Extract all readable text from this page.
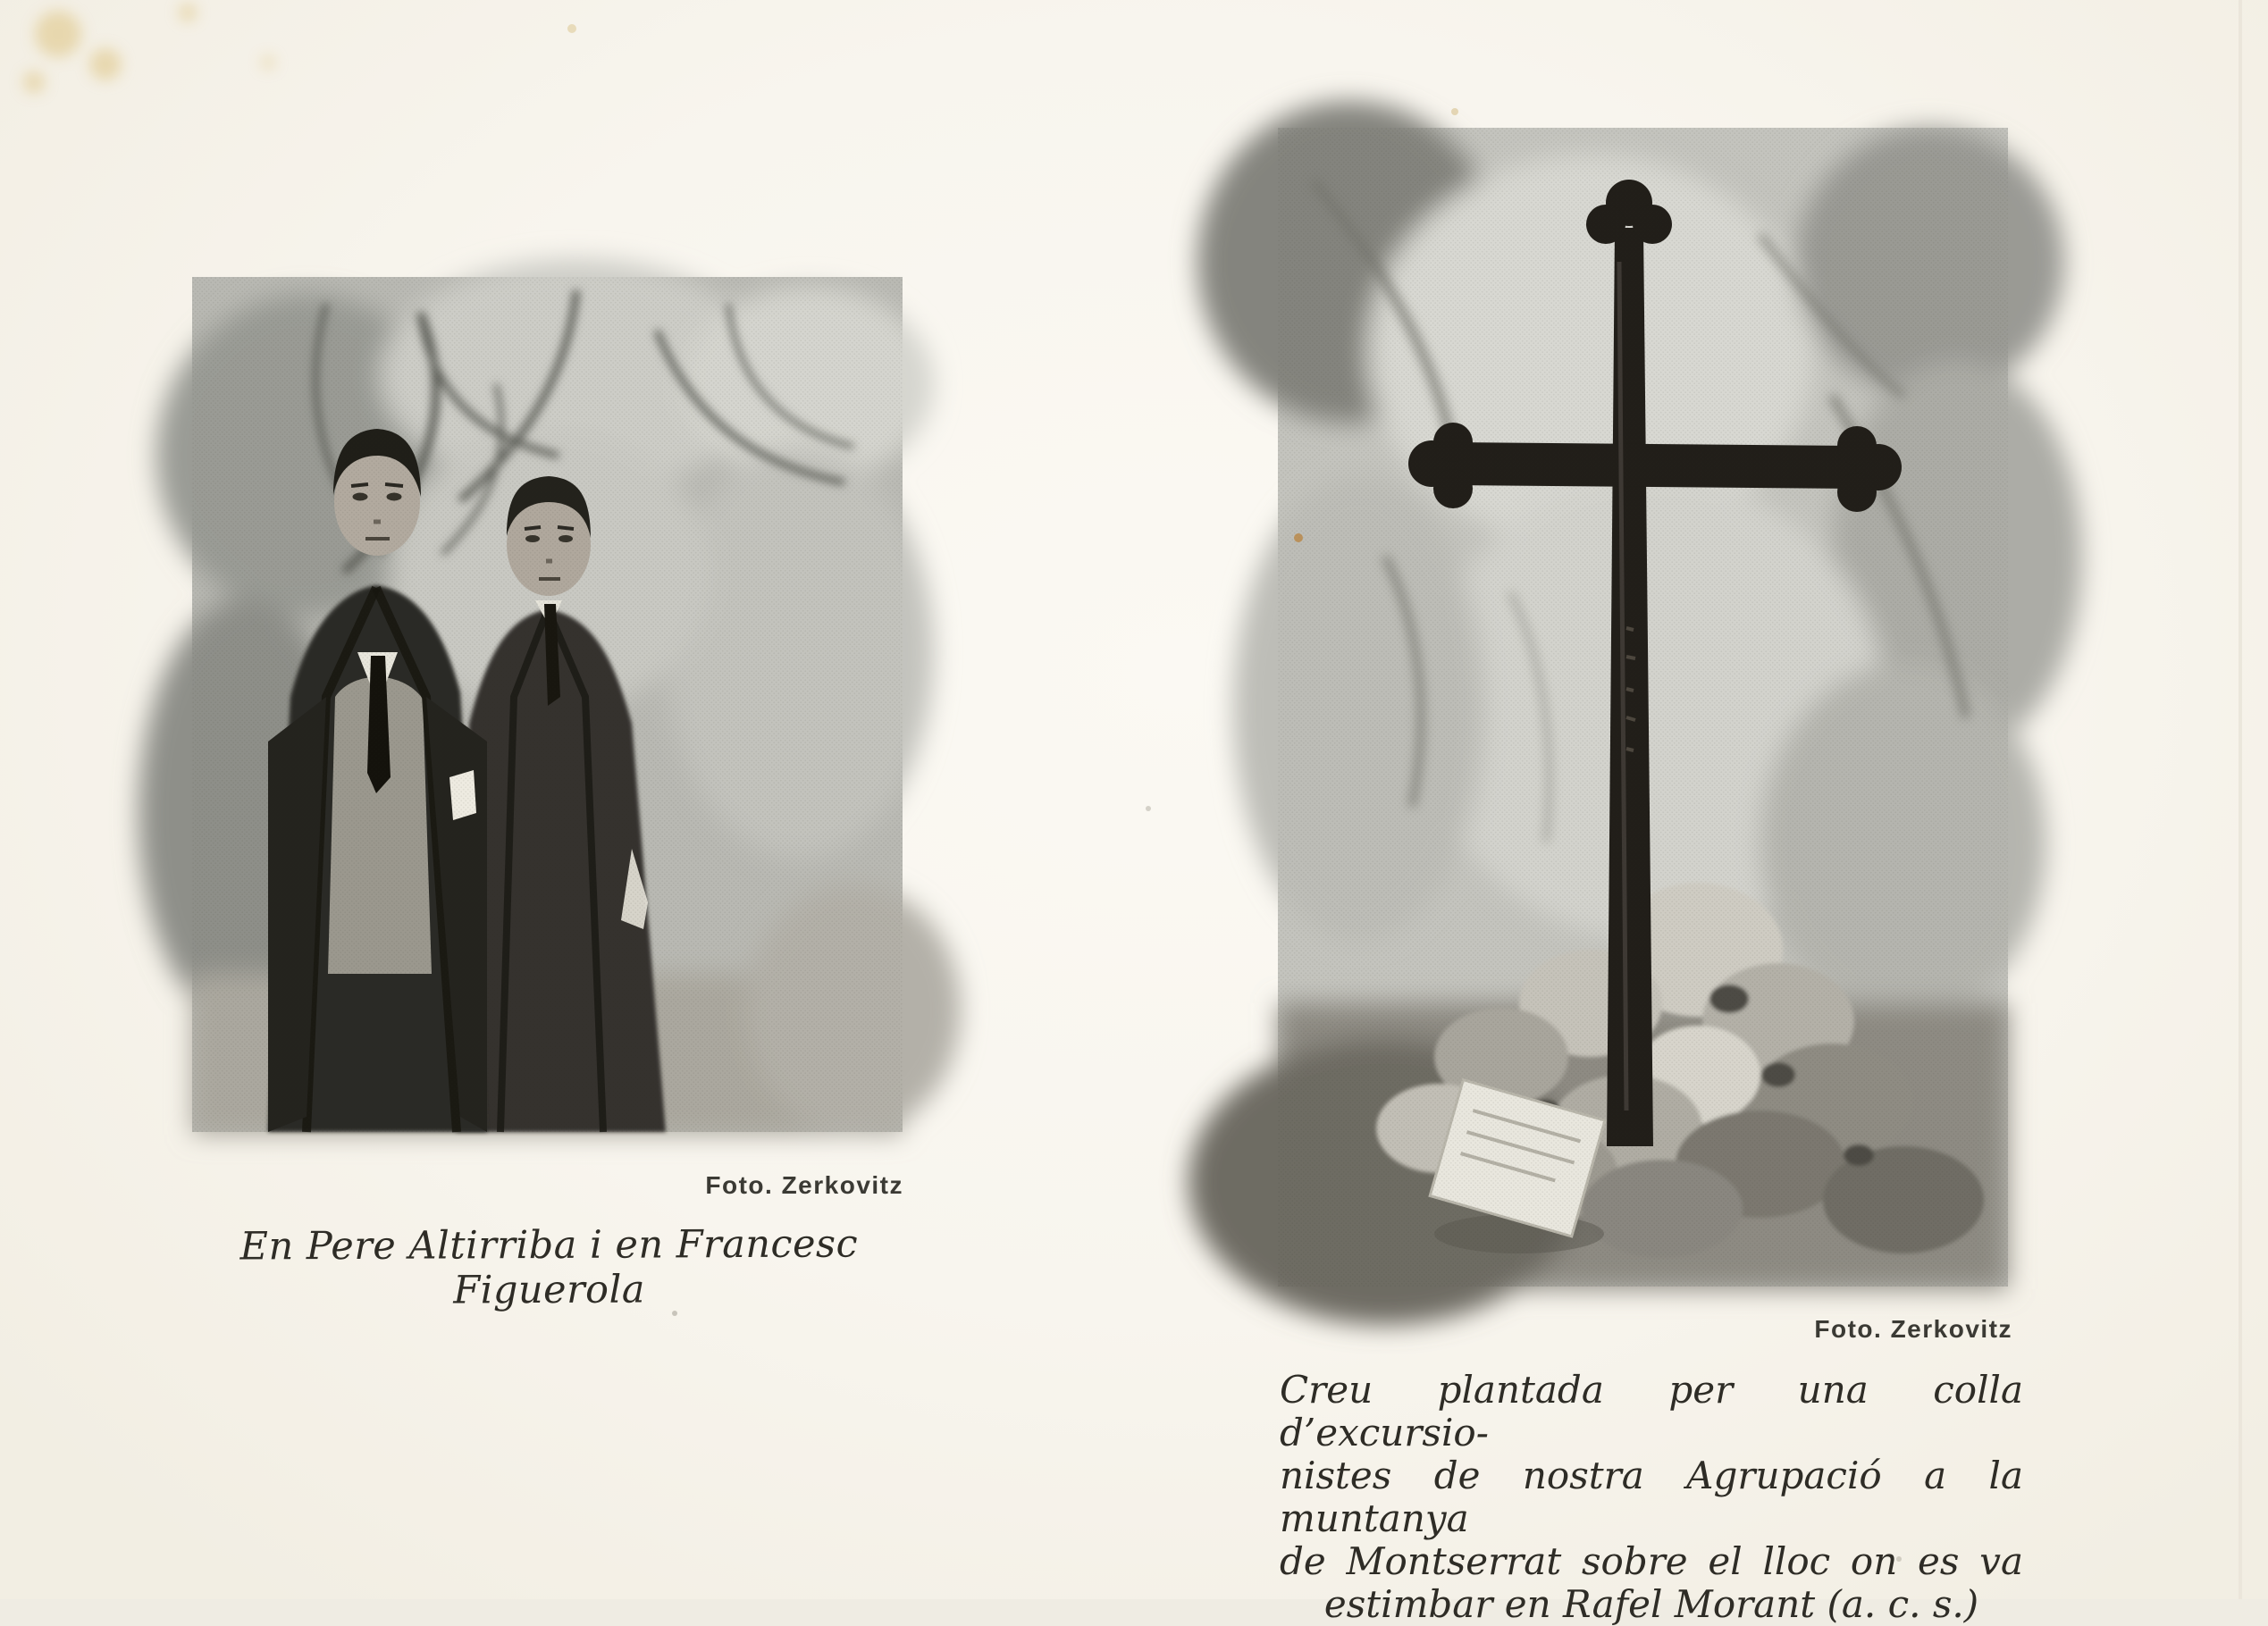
Foto. Zerkovitz
En Pere Altirriba i en Francesc Figuerola
Foto. Zerkovitz
Creu plantada per una colla d’excursio-
nistes de nostra Agrupació a la muntanya
de Montserrat sobre el lloc on es va
estimbar en Rafel Morant (a. c. s.)
